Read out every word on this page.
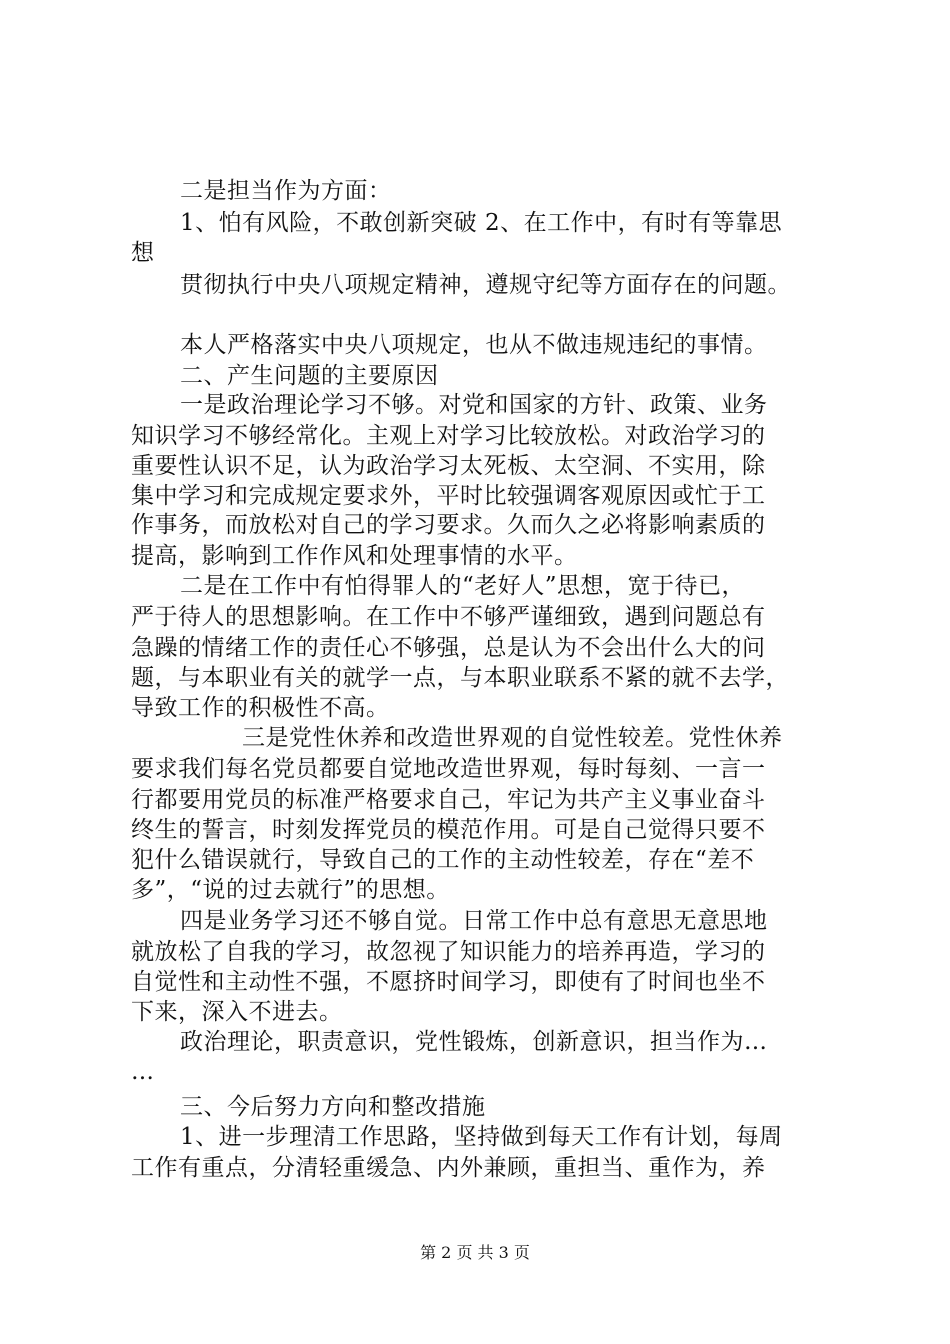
二是担当作为方面：
1、怕有风险，不敢创新突破 2、在工作中，有时有等靠思
想
贯彻执行中央八项规定精神，遵规守纪等方面存在的问题。
本人严格落实中央八项规定，也从不做违规违纪的事情。
二、产生问题的主要原因
一是政治理论学习不够。对党和国家的方针、政策、业务
知识学习不够经常化。主观上对学习比较放松。对政治学习的
重要性认识不足，认为政治学习太死板、太空洞、不实用，除
集中学习和完成规定要求外，平时比较强调客观原因或忙于工
作事务，而放松对自己的学习要求。久而久之必将影响素质的
提高，影响到工作作风和处理事情的水平。
二是在工作中有怕得罪人的“老好人”思想，宽于待已，
严于待人的思想影响。在工作中不够严谨细致，遇到问题总有
急躁的情绪工作的责任心不够强，总是认为不会出什么大的问
题，与本职业有关的就学一点，与本职业联系不紧的就不去学，
导致工作的积极性不高。
三是党性休养和改造世界观的自觉性较差。党性休养
要求我们每名党员都要自觉地改造世界观，每时每刻、一言一
行都要用党员的标准严格要求自己，牢记为共产主义事业奋斗
终生的誓言，时刻发挥党员的模范作用。可是自己觉得只要不
犯什么错误就行，导致自己的工作的主动性较差，存在“差不
多”，“说的过去就行”的思想。
四是业务学习还不够自觉。日常工作中总有意思无意思地
就放松了自我的学习，故忽视了知识能力的培养再造，学习的
自觉性和主动性不强，不愿挤时间学习，即使有了时间也坐不
下来，深入不进去。
政治理论，职责意识，党性锻炼，创新意识，担当作为…
…
三、今后努力方向和整改措施
1、进一步理清工作思路，坚持做到每天工作有计划，每周
工作有重点，分清轻重缓急、内外兼顾，重担当、重作为，养
第 2 页 共 3 页
